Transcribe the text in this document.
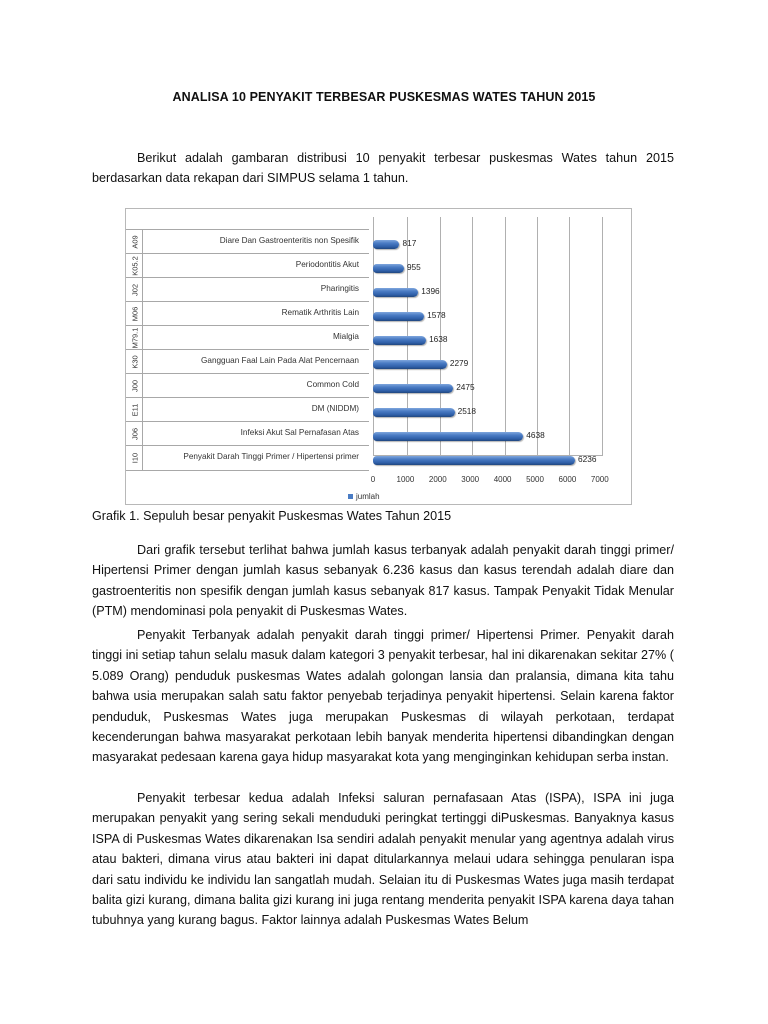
ANALISA 10 PENYAKIT TERBESAR PUSKESMAS WATES TAHUN 2015
Berikut adalah gambaran distribusi 10 penyakit terbesar puskesmas Wates tahun 2015 berdasarkan data rekapan dari SIMPUS selama 1 tahun.
A09	Diare Dan Gastroenteritis non Spesifik
K05.2	Periodontitis Akut
J02	Pharingitis
M06	Rematik Arthritis Lain
M79.1	Mialgia
K30	Gangguan Faal Lain Pada Alat Pencernaan
J00	Common Cold
E11	DM (NIDDM)
J06	Infeksi Akut Sal Pernafasan Atas
I10	Penyakit Darah Tinggi Primer / Hipertensi primer
0	1000 2000 3000 4000 5000 6000 7000
817
955
1396
1578
1638
2279
2475
2518
4638
6236
jumlah
Grafik 1. Sepuluh besar penyakit Puskesmas Wates Tahun 2015
Dari grafik tersebut terlihat bahwa jumlah kasus terbanyak adalah penyakit darah tinggi primer/ Hipertensi Primer dengan jumlah kasus sebanyak 6.236 kasus dan kasus terendah adalah diare dan gastroenteritis non spesifik dengan jumlah kasus sebanyak 817 kasus. Tampak Penyakit Tidak Menular (PTM) mendominasi pola penyakit di Puskesmas Wates.
Penyakit Terbanyak adalah penyakit darah tinggi primer/ Hipertensi Primer. Penyakit darah tinggi ini setiap tahun selalu masuk dalam kategori 3 penyakit terbesar, hal ini dikarenakan sekitar 27% ( 5.089 Orang) penduduk puskesmas Wates adalah golongan lansia dan pralansia, dimana kita tahu bahwa usia merupakan salah satu faktor penyebab terjadinya penyakit hipertensi. Selain karena faktor penduduk, Puskesmas Wates juga merupakan Puskesmas di wilayah perkotaan, terdapat kecenderungan bahwa masyarakat perkotaan lebih banyak menderita hipertensi dibandingkan dengan masyarakat pedesaan karena gaya hidup masyarakat kota yang menginginkan kehidupan serba instan.
Penyakit terbesar kedua adalah Infeksi saluran pernafasaan Atas (ISPA), ISPA ini juga merupakan penyakit yang sering sekali menduduki peringkat tertinggi diPuskesmas. Banyaknya kasus ISPA di Puskesmas Wates dikarenakan Isa sendiri adalah penyakit menular yang agentnya adalah virus atau bakteri, dimana virus atau bakteri ini dapat ditularkannya melaui udara sehingga penularan ispa dari satu individu ke individu lan sangatlah mudah. Selaian itu di Puskesmas Wates juga masih terdapat balita gizi kurang, dimana balita gizi kurang ini juga rentang menderita penyakit ISPA karena daya tahan tubuhnya yang kurang bagus. Faktor lainnya adalah Puskesmas Wates Belum
